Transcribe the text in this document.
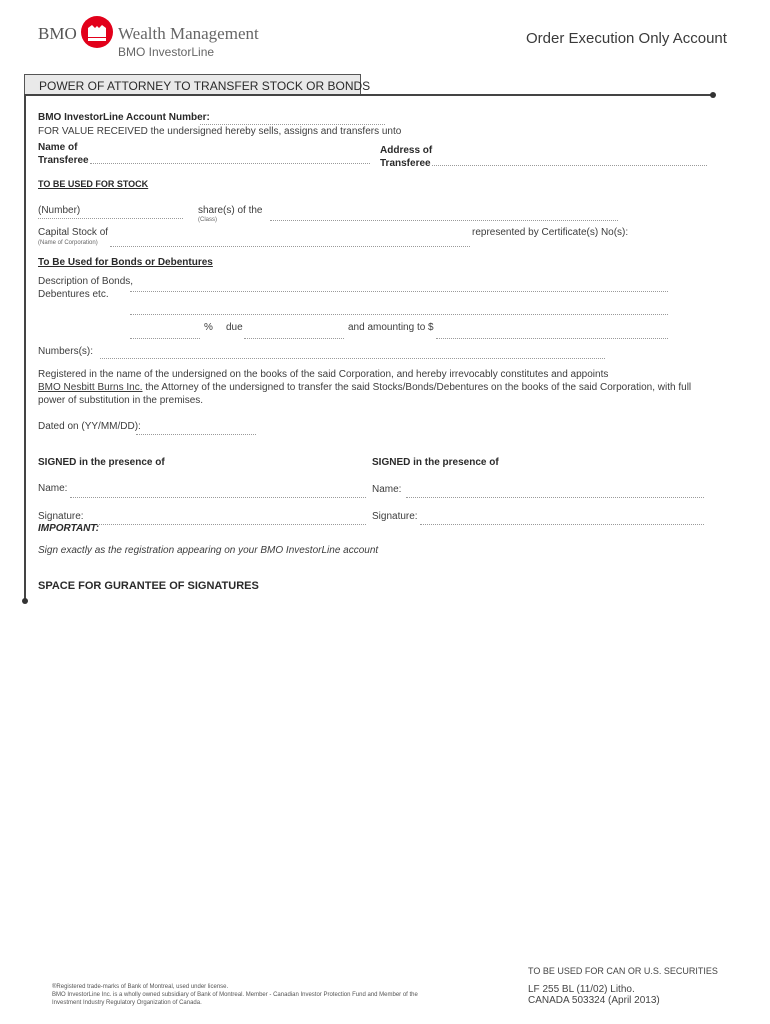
BMO Wealth Management
BMO InvestorLine
Order Execution Only Account
POWER OF ATTORNEY TO TRANSFER STOCK OR BONDS
BMO InvestorLine Account Number:
FOR VALUE RECEIVED the undersigned hereby sells, assigns and transfers unto
Name of
Transferee
Address of
Transferee
TO BE USED FOR STOCK
(Number)	share(s) of the
(Class)
Capital Stock of
(Name of Corporation)
represented by Certificate(s) No(s):
To Be Used for Bonds or Debentures
Description of Bonds,
Debentures etc.
% due	and amounting to $
Numbers(s):
Registered in the name of the undersigned on the books of the said Corporation, and hereby irrevocably constitutes and appoints
BMO Nesbitt Burns Inc. the Attorney of the undersigned to transfer the said Stocks/Bonds/Debentures on the books of the said Corporation, with full
power of substitution in the premises.
Dated on (YY/MM/DD):
SIGNED in the presence of	SIGNED in the presence of
Name:	Name:
Signature:	Signature:
IMPORTANT:
Sign exactly as the registration appearing on your BMO InvestorLine account
SPACE FOR GURANTEE OF SIGNATURES
®Registered trade-marks of Bank of Montreal, used under license.
BMO InvestorLine Inc. is a wholly owned subsidiary of Bank of Montreal. Member - Canadian Investor Protection Fund and Member of the
Investment Industry Regulatory Organization of Canada.
TO BE USED FOR CAN OR U.S. SECURITIES
LF 255 BL (11/02) Litho.
CANADA 503324 (April 2013)
